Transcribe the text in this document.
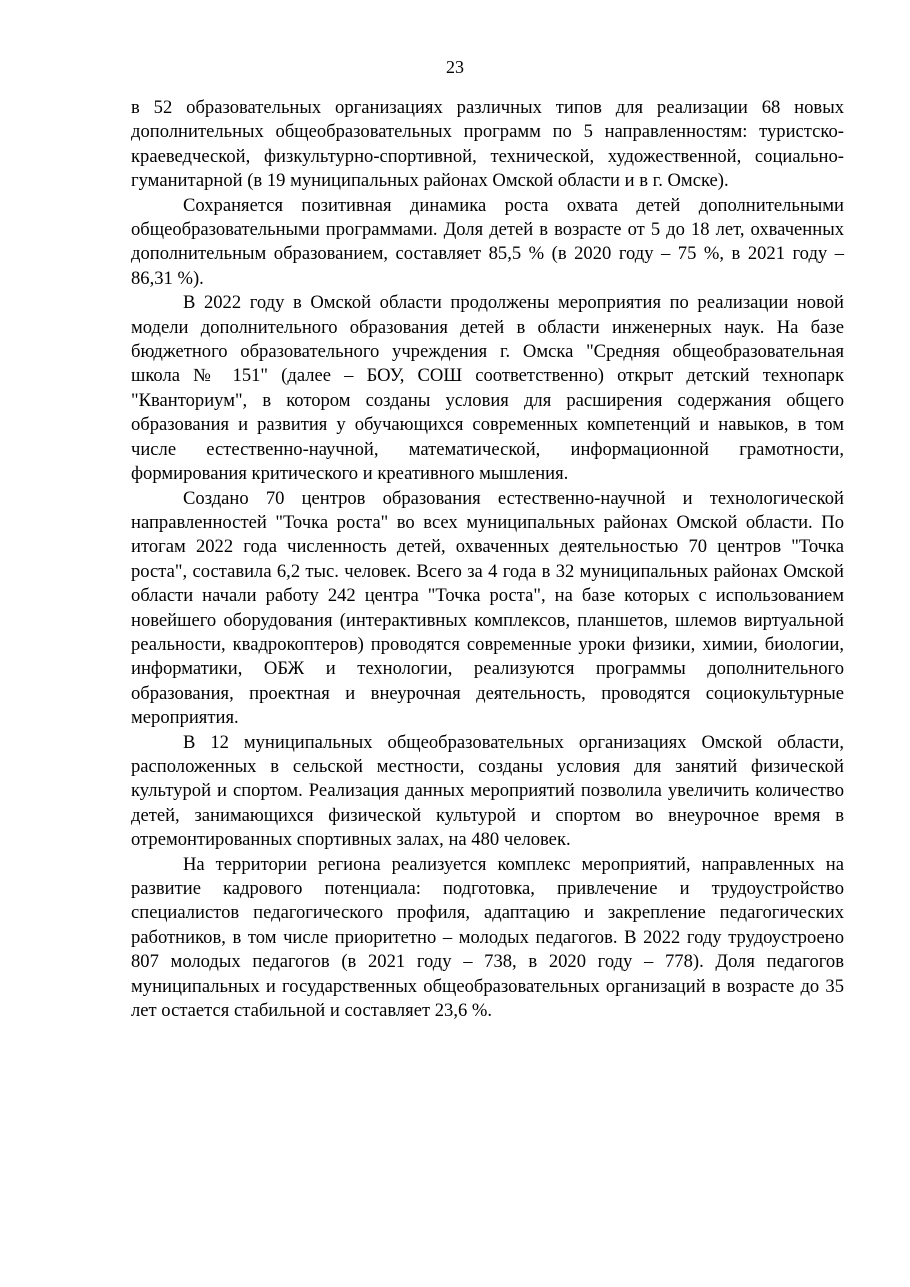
23

в 52 образовательных организациях различных типов для реализации 68 новых дополнительных общеобразовательных программ по 5 направленностям: туристско-краеведческой, физкультурно-спортивной, технической, художественной, социально-гуманитарной (в 19 муниципальных районах Омской области и в г. Омске).

Сохраняется позитивная динамика роста охвата детей дополнительными общеобразовательными программами. Доля детей в возрасте от 5 до 18 лет, охваченных дополнительным образованием, составляет 85,5 % (в 2020 году – 75 %, в 2021 году – 86,31 %).

В 2022 году в Омской области продолжены мероприятия по реализации новой модели дополнительного образования детей в области инженерных наук. На базе бюджетного образовательного учреждения г. Омска "Средняя общеобразовательная школа № 151" (далее – БОУ, СОШ соответственно) открыт детский технопарк "Кванториум", в котором созданы условия для расширения содержания общего образования и развития у обучающихся современных компетенций и навыков, в том числе естественно-научной, математической, информационной грамотности, формирования критического и креативного мышления.

Создано 70 центров образования естественно-научной и технологической направленностей "Точка роста" во всех муниципальных районах Омской области. По итогам 2022 года численность детей, охваченных деятельностью 70 центров "Точка роста", составила 6,2 тыс. человек. Всего за 4 года в 32 муниципальных районах Омской области начали работу 242 центра "Точка роста", на базе которых с использованием новейшего оборудования (интерактивных комплексов, планшетов, шлемов виртуальной реальности, квадрокоптеров) проводятся современные уроки физики, химии, биологии, информатики, ОБЖ и технологии, реализуются программы дополнительного образования, проектная и внеурочная деятельность, проводятся социокультурные мероприятия.

В 12 муниципальных общеобразовательных организациях Омской области, расположенных в сельской местности, созданы условия для занятий физической культурой и спортом. Реализация данных мероприятий позволила увеличить количество детей, занимающихся физической культурой и спортом во внеурочное время в отремонтированных спортивных залах, на 480 человек.

На территории региона реализуется комплекс мероприятий, направленных на развитие кадрового потенциала: подготовка, привлечение и трудоустройство специалистов педагогического профиля, адаптацию и закрепление педагогических работников, в том числе приоритетно – молодых педагогов. В 2022 году трудоустроено 807 молодых педагогов (в 2021 году – 738, в 2020 году – 778). Доля педагогов муниципальных и государственных общеобразовательных организаций в возрасте до 35 лет остается стабильной и составляет 23,6 %.
